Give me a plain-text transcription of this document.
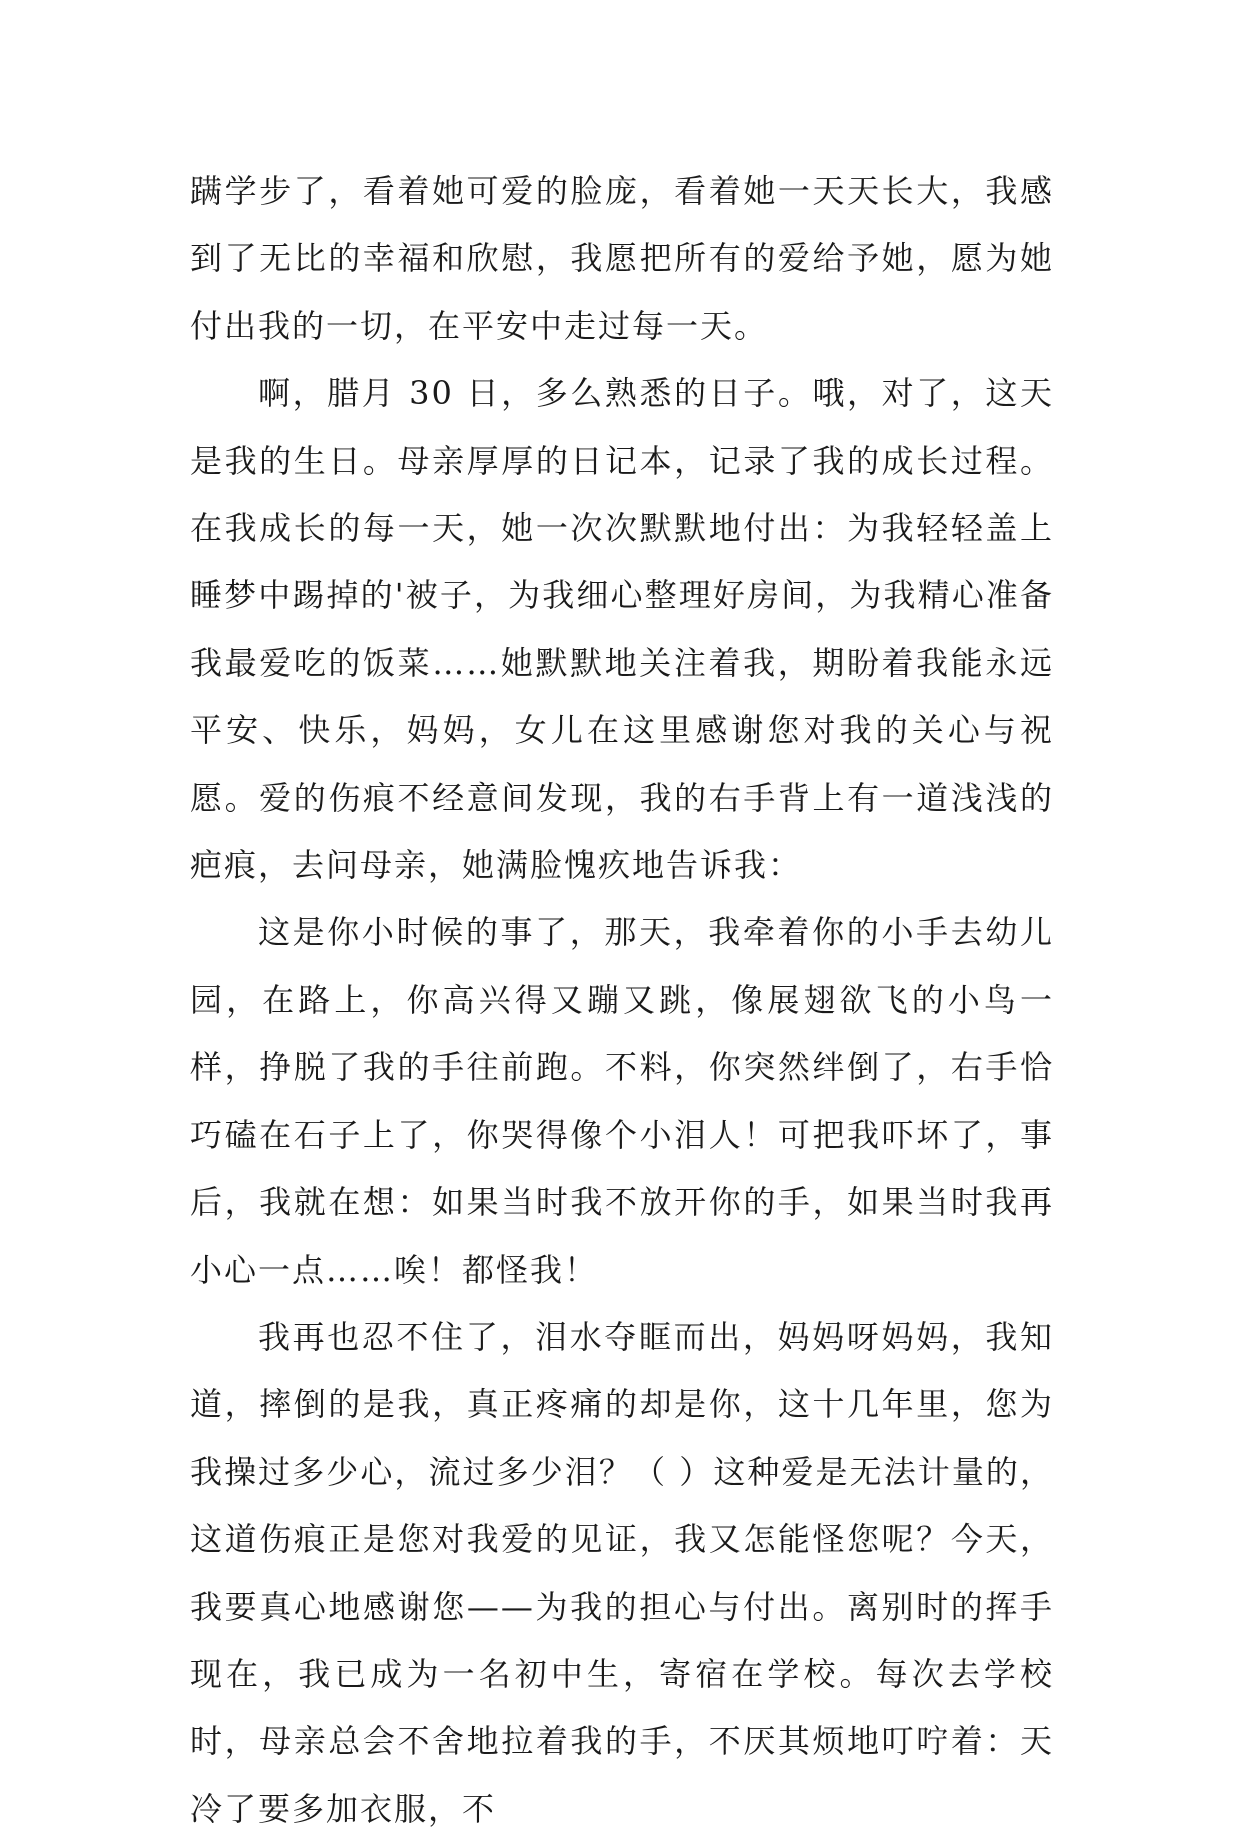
蹒学步了，看着她可爱的脸庞，看着她一天天长大，我感到了无比的幸福和欣慰，我愿把所有的爱给予她，愿为她付出我的一切，在平安中走过每一天。

啊，腊月 30 日，多么熟悉的日子。哦，对了，这天是我的生日。母亲厚厚的日记本，记录了我的成长过程。在我成长的每一天，她一次次默默地付出：为我轻轻盖上睡梦中踢掉的'被子，为我细心整理好房间，为我精心准备我最爱吃的饭菜……她默默地关注着我，期盼着我能永远平安、快乐，妈妈，女儿在这里感谢您对我的关心与祝愿。爱的伤痕不经意间发现，我的右手背上有一道浅浅的疤痕，去问母亲，她满脸愧疚地告诉我：

这是你小时候的事了，那天，我牵着你的小手去幼儿园，在路上，你高兴得又蹦又跳，像展翅欲飞的小鸟一样，挣脱了我的手往前跑。不料，你突然绊倒了，右手恰巧磕在石子上了，你哭得像个小泪人！可把我吓坏了，事后，我就在想：如果当时我不放开你的手，如果当时我再小心一点……唉！都怪我！

我再也忍不住了，泪水夺眶而出，妈妈呀妈妈，我知道，摔倒的是我，真正疼痛的却是你，这十几年里，您为我操过多少心，流过多少泪？（ ）这种爱是无法计量的，这道伤痕正是您对我爱的见证，我又怎能怪您呢？今天，我要真心地感谢您——为我的担心与付出。离别时的挥手现在，我已成为一名初中生，寄宿在学校。每次去学校时，母亲总会不舍地拉着我的手，不厌其烦地叮咛着：天冷了要多加衣服，不
